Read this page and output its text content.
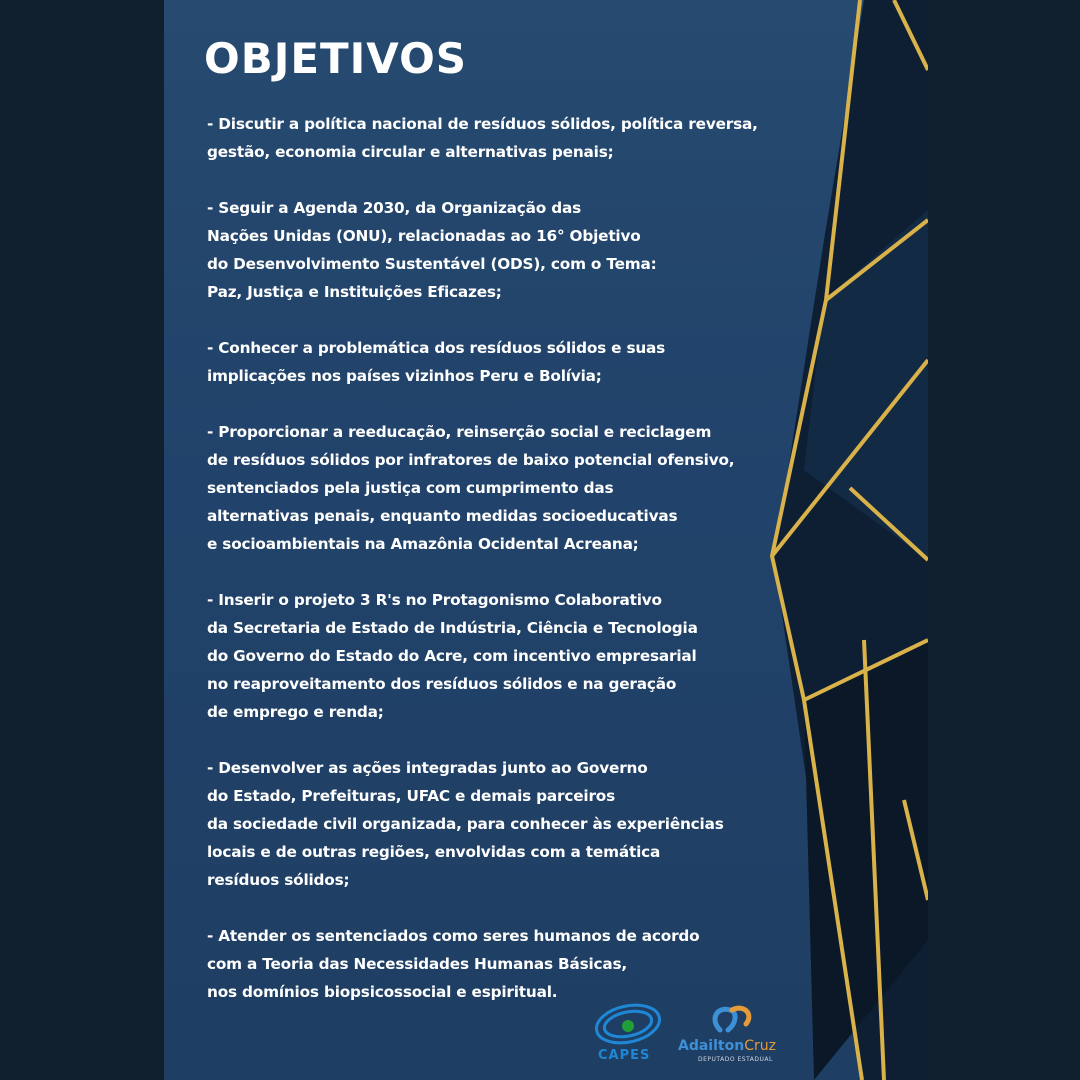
OBJETIVOS
- Discutir a política nacional de resíduos sólidos, política reversa,
gestão, economia circular e alternativas penais;
- Seguir a Agenda 2030, da Organização das
Nações Unidas (ONU), relacionadas ao 16° Objetivo
do Desenvolvimento Sustentável (ODS), com o Tema:
Paz, Justiça e Instituições Eficazes;
- Conhecer a problemática dos resíduos sólidos e suas
implicações nos países vizinhos Peru e Bolívia;
- Proporcionar a reeducação, reinserção social e reciclagem
de resíduos sólidos por infratores de baixo potencial ofensivo,
sentenciados pela justiça com cumprimento das
alternativas penais, enquanto medidas socioeducativas
e socioambientais na Amazônia Ocidental Acreana;
- Inserir o projeto 3 R's no Protagonismo Colaborativo
da Secretaria de Estado de Indústria, Ciência e Tecnologia
do Governo do Estado do Acre, com incentivo empresarial
no reaproveitamento dos resíduos sólidos e na geração
de emprego e renda;
- Desenvolver as ações integradas junto ao Governo
do Estado, Prefeituras, UFAC e demais parceiros
da sociedade civil organizada, para conhecer às experiências
locais e de outras regiões, envolvidas com a temática
resíduos sólidos;
- Atender os sentenciados como seres humanos de acordo
com a Teoria das Necessidades Humanas Básicas,
nos domínios biopsicossocial e espiritual.
CAPES
AdailtonCruz
DEPUTADO ESTADUAL
